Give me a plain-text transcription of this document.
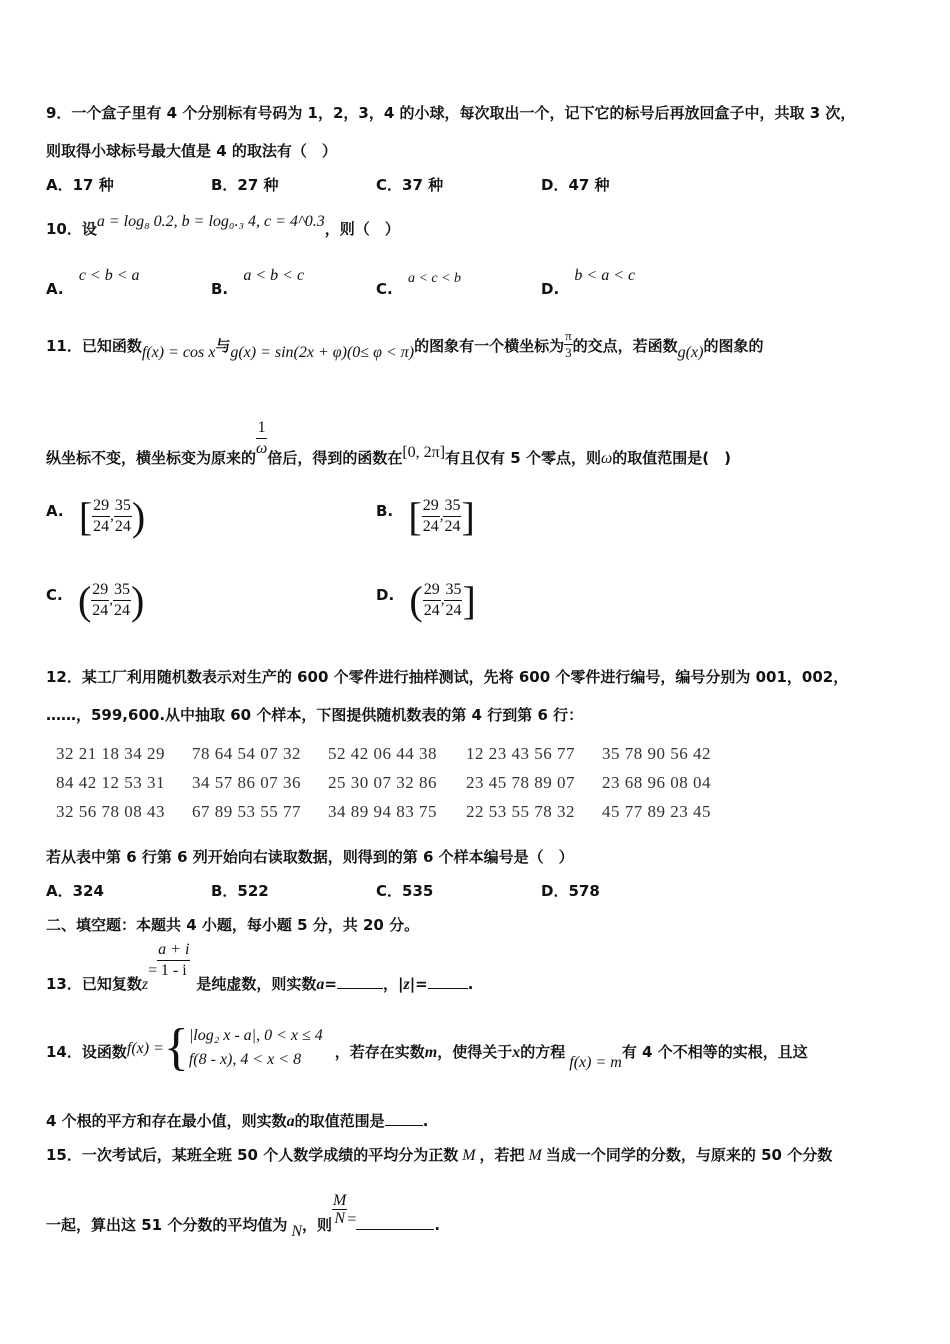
9．一个盒子里有 4 个分别标有号码为 1，2，3，4 的小球，每次取出一个，记下它的标号后再放回盒子中，共取 3 次，
则取得小球标号最大值是 4 的取法有（　）
A．17 种	B．27 种	C．37 种	D．47 种
10．设a = log₈ 0.2, b = log₀.₃ 4, c = 4^0.3，则（　）
A. c < b < a
B. a < b < c
C. a < c < b
D. b < a < c
11．已知函数f(x) = cos x与g(x) = sin(2x + φ)(0≤ φ < π)的图象有一个横坐标为 $\frac{\pi}{3}$ 的交点，若函数g(x)的图象的
纵坐标不变，横坐标变为原来的 $\frac{1}{\omega}$ 倍后，得到的函数在[0, 2π]有且仅有 5 个零点，则ω的取值范围是(　)
A. [ $\frac{29}{24}$ , $\frac{35}{24}$ )	B. [ $\frac{29}{24}$ , $\frac{35}{24}$ ]
C. ( $\frac{29}{24}$ , $\frac{35}{24}$ )	D. ( $\frac{29}{24}$ , $\frac{35}{24}$ ]
12．某工厂利用随机数表示对生产的 600 个零件进行抽样测试，先将 600 个零件进行编号，编号分别为 001，002，
……，599,600.从中抽取 60 个样本，下图提供随机数表的第 4 行到第 6 行：
32 21 18 34 29 78 64 54 07 32 52 42 06 44 38 12 23 43 56 77 35 78 90 56 42
84 42 12 53 31 34 57 86 07 36 25 30 07 32 86 23 45 78 89 07 23 68 96 08 04
32 56 78 08 43 67 89 53 55 77 34 89 94 83 75 22 53 55 78 32 45 77 89 23 45
若从表中第 6 行第 6 列开始向右读取数据，则得到的第 6 个样本编号是（　）
A．324	B．522	C．535	D．578
二、填空题：本题共 4 小题，每小题 5 分，共 20 分。
13．已知复数$z= \frac{a + i}{1 - i}$
是纯虚数，则实数a=	，|z|=	.
14．设函数f(x) = { |log₂ x - a|, 0 < x ≤ 4
f(8 - x), 4 < x < 8	，若存在实数m，使得关于x的方程f(x) = m有 4 个不相等的实根，且这
4 个根的平方和存在最小值，则实数a的取值范围是	.
15．一次考试后，某班全班 50 个人数学成绩的平均分为正数 M ，若把 M 当成一个同学的分数，与原来的 50 个分数
一起，算出这 51 个分数的平均值为 N，则 $\frac{M}{N}$ =	.
